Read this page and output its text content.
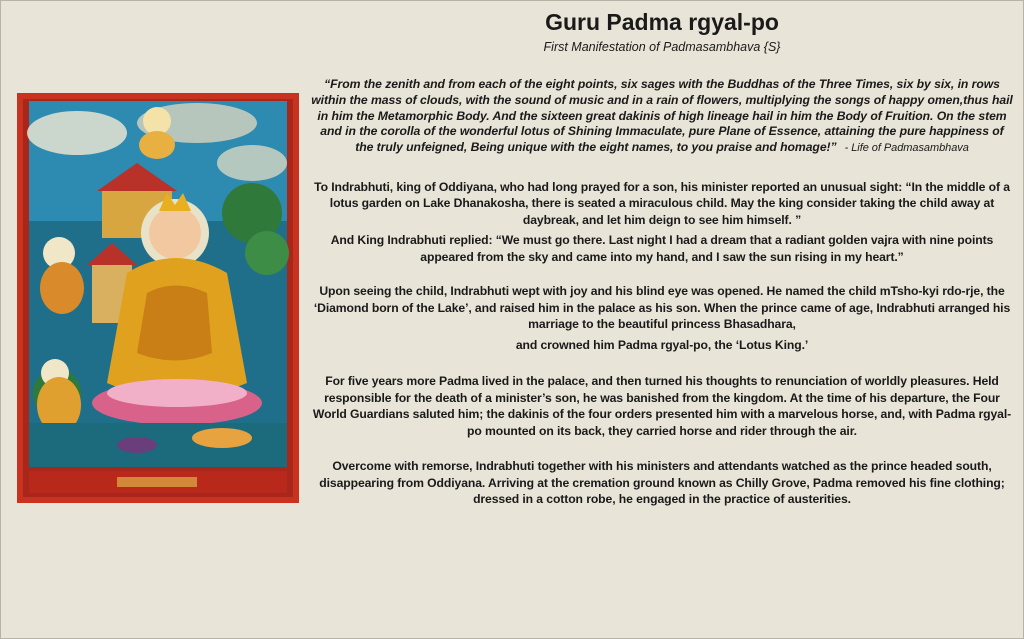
Guru Padma rgyal-po

First Manifestation of Padmasambhava {S}

“From the zenith and from each of the eight points, six sages with the Buddhas of the Three Times, six by six, in rows within the mass of clouds, with the sound of music and in a rain of flowers, multiplying the songs of happy omen,thus hail in him the Metamorphic Body. And the sixteen great dakinis of high lineage hail in him the Body of Fruition. On the stem and in the corolla of the wonderful lotus of Shining Immaculate, pure Plane of Essence, attaining the pure happiness of the truly unfeigned, Being unique with the eight names, to you praise and homage!” - Life of Padmasambhava

To Indrabhuti, king of Oddiyana, who had long prayed for a son, his minister reported an unusual sight: “In the middle of a lotus garden on Lake Dhanakosha, there is seated a miraculous child. May the king consider taking the child away at daybreak, and let him deign to see him himself. ”

And King Indrabhuti replied: “We must go there. Last night I had a dream that a radiant golden vajra with nine points appeared from the sky and came into my hand, and I saw the sun rising in my heart.”

Upon seeing the child, Indrabhuti wept with joy and his blind eye was opened. He named the child mTsho-kyi rdo-rje, the ‘Diamond born of the Lake’, and raised him in the palace as his son. When the prince came of age, Indrabhuti arranged his marriage to the beautiful princess Bhasadhara,

and crowned him Padma rgyal-po, the ‘Lotus King.’

For five years more Padma lived in the palace, and then turned his thoughts to renunciation of worldly pleasures. Held responsible for the death of a minister’s son, he was banished from the kingdom. At the time of his departure, the Four World Guardians saluted him; the dakinis of the four orders presented him with a marvelous horse, and, with Padma rgyal-po mounted on its back, they carried horse and rider through the air.

Overcome with remorse, Indrabhuti together with his ministers and attendants watched as the prince headed south, disappearing from Oddiyana. Arriving at the cremation ground known as Chilly Grove, Padma removed his fine clothing; dressed in a cotton robe, he engaged in the practice of austerities.
